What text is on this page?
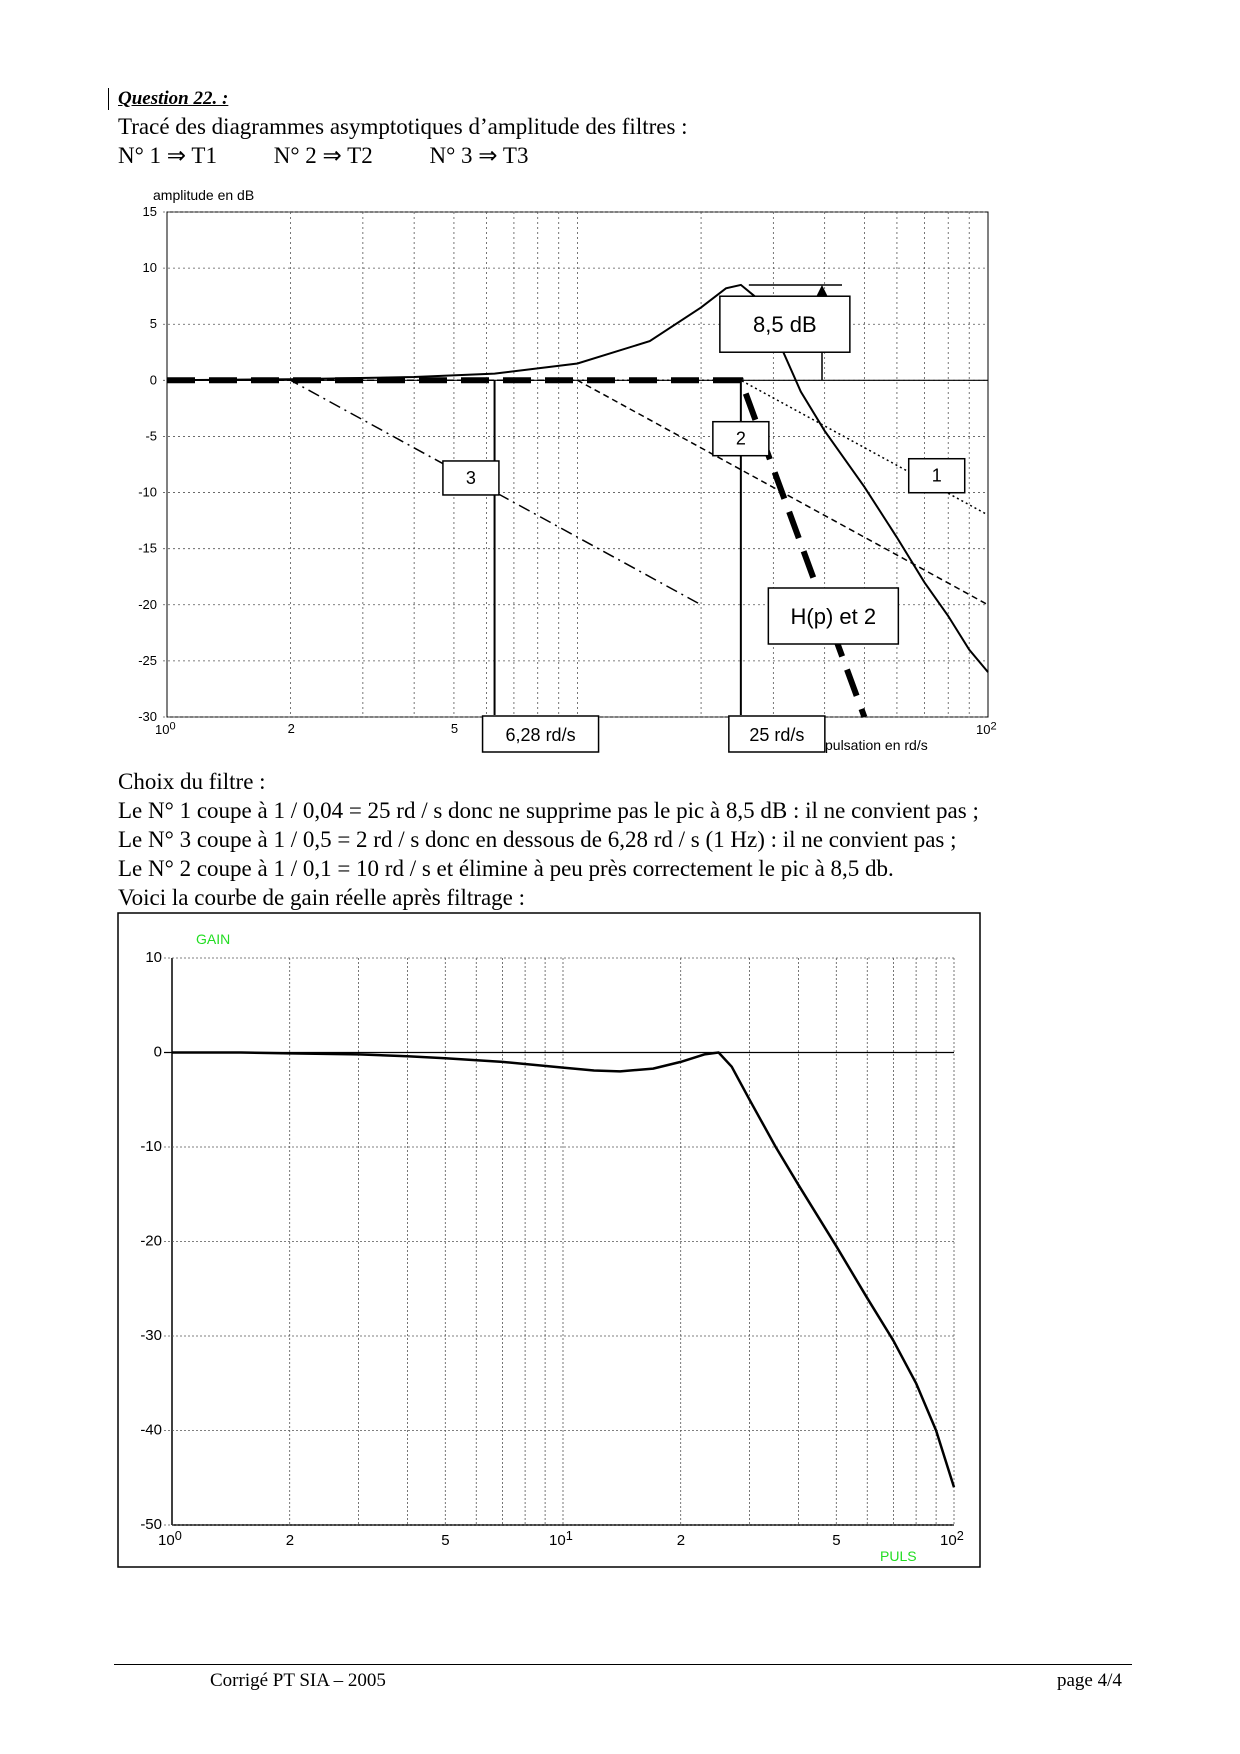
Question 22. :
Tracé des diagrammes asymptotiques d’amplitude des filtres :
N° 1 ⇒ T1 N° 2 ⇒ T2 N° 3 ⇒ T3
15
10
5
0
-5
-10
-15
-20
-25
-30
100	2	5	102
amplitude en dB
pulsation en rd/s
6,28 rd/s	25 rd/s
8,5 dB
1
2
3
H(p) et 2
Choix du filtre :
Le N° 1 coupe à 1 / 0,04 = 25 rd / s donc ne supprime pas le pic à 8,5 dB : il ne convient pas ;
Le N° 3 coupe à 1 / 0,5 = 2 rd / s donc en dessous de 6,28 rd / s (1 Hz) : il ne convient pas ;
Le N° 2 coupe à 1 / 0,1 = 10 rd / s et élimine à peu près correctement le pic à 8,5 db.
Voici la courbe de gain réelle après filtrage :
10
0
-10
-20
-30
-40
-50
$10^0$	2	5	$10^1$	2	5	$10^2$
GAIN
PULS
Corrigé PT SIA – 2005	page 4/4
